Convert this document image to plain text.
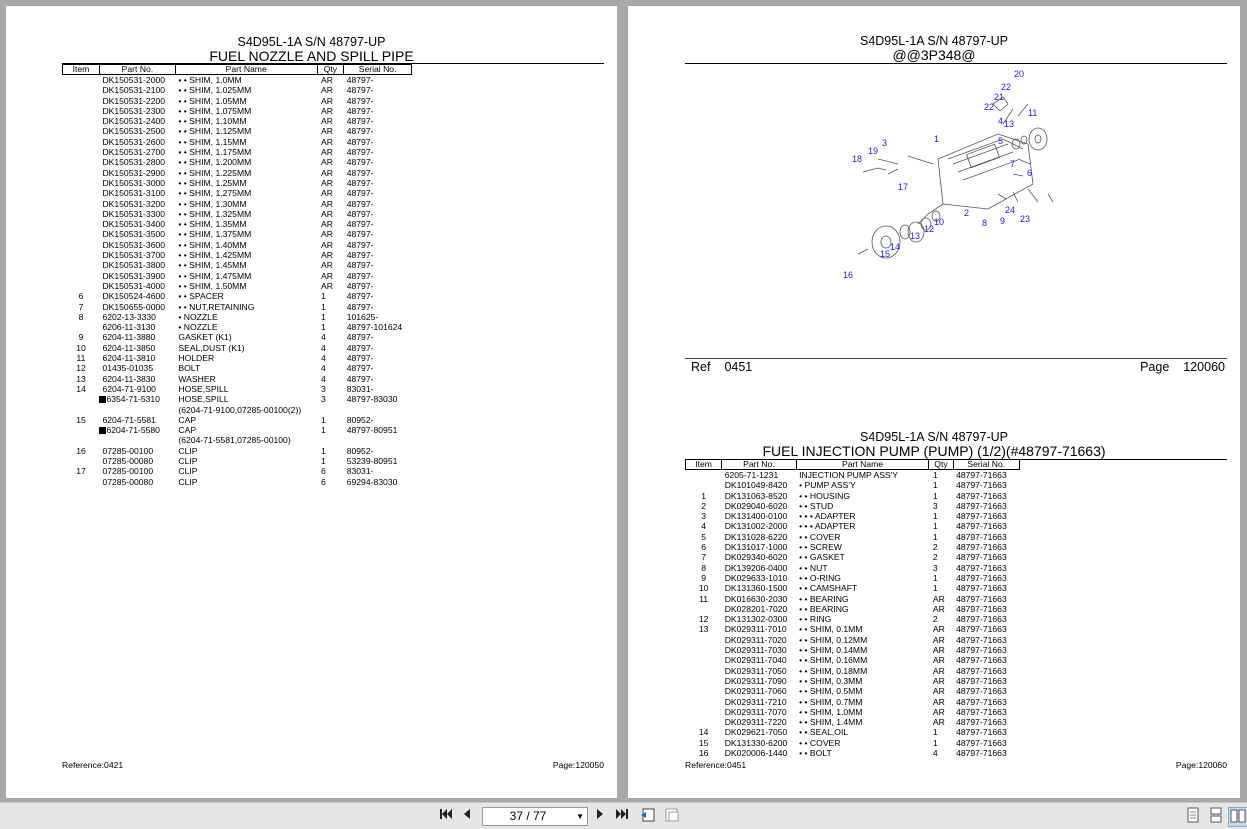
S4D95L-1A S/N 48797-UP
FUEL NOZZLE AND SPILL PIPE
Item	Part No.	Part Name	Qty	Serial No.
	DK150531-2000	• • SHIM, 1.0MM	AR	48797-
	DK150531-2100	• • SHIM, 1.025MM	AR	48797-
	DK150531-2200	• • SHIM, 1.05MM	AR	48797-
	DK150531-2300	• • SHIM, 1.075MM	AR	48797-
	DK150531-2400	• • SHIM, 1.10MM	AR	48797-
	DK150531-2500	• • SHIM, 1.125MM	AR	48797-
	DK150531-2600	• • SHIM, 1.15MM	AR	48797-
	DK150531-2700	• • SHIM, 1.175MM	AR	48797-
	DK150531-2800	• • SHIM, 1.200MM	AR	48797-
	DK150531-2900	• • SHIM, 1.225MM	AR	48797-
	DK150531-3000	• • SHIM, 1.25MM	AR	48797-
	DK150531-3100	• • SHIM, 1.275MM	AR	48797-
	DK150531-3200	• • SHIM, 1.30MM	AR	48797-
	DK150531-3300	• • SHIM, 1.325MM	AR	48797-
	DK150531-3400	• • SHIM, 1.35MM	AR	48797-
	DK150531-3500	• • SHIM, 1.375MM	AR	48797-
	DK150531-3600	• • SHIM, 1.40MM	AR	48797-
	DK150531-3700	• • SHIM, 1.425MM	AR	48797-
	DK150531-3800	• • SHIM, 1.45MM	AR	48797-
	DK150531-3900	• • SHIM, 1.475MM	AR	48797-
	DK150531-4000	• • SHIM, 1.50MM	AR	48797-
6	DK150524-4600	• • SPACER	1	48797-
7	DK150655-0000	• • NUT,RETAINING	1	48797-
8	6202-13-3330	• NOZZLE	1	101625-
	6206-11-3130	• NOZZLE	1	48797-101624
9	6204-11-3880	GASKET (K1)	4	48797-
10	6204-11-3850	SEAL,DUST (K1)	4	48797-
11	6204-11-3810	HOLDER	4	48797-
12	01435-01035	BOLT	4	48797-
13	6204-11-3830	WASHER	4	48797-
14	6204-71-9100	HOSE,SPILL	3	83031-
	6354-71-5310	HOSE,SPILL	3	48797-83030
		(6204-71-9100,07285-00100(2))		
15	6204-71-5581	CAP	1	80952-
	6204-71-5580	CAP	1	48797-80951
		(6204-71-5581,07285-00100)		
16	07285-00100	CLIP	1	80952-
	07285-00080	CLIP	1	53239-80951
17	07285-00100	CLIP	6	83031-
	07285-00080	CLIP	6	69294-83030
Reference:0421	Page:120050
S4D95L-1A S/N 48797-UP
@@3P348@
1
2
3
4
5
6
7
8 9
10
11
12
13
14
15
16
17
18
19
20
21
22
22
23
24
13
Ref 0451	Page 120060
S4D95L-1A S/N 48797-UP
FUEL INJECTION PUMP (PUMP) (1/2)(#48797-71663)
Item	Part No.	Part Name	Qty	Serial No.
	6205-71-1231	INJECTION PUMP ASS'Y	1	48797-71663
	DK101049-8420	• PUMP ASS'Y	1	48797-71663
1	DK131063-8520	• • HOUSING	1	48797-71663
2	DK029040-6020	• • STUD	3	48797-71663
3	DK131400-0100	• • • ADAPTER	1	48797-71663
4	DK131002-2000	• • • ADAPTER	1	48797-71663
5	DK131028-6220	• • COVER	1	48797-71663
6	DK131017-1000	• • SCREW	2	48797-71663
7	DK029340-6020	• • GASKET	2	48797-71663
8	DK139206-0400	• • NUT	3	48797-71663
9	DK029633-1010	• • O-RING	1	48797-71663
10	DK131360-1500	• • CAMSHAFT	1	48797-71663
11	DK016630-2030	• • BEARING	AR	48797-71663
	DK028201-7020	• • BEARING	AR	48797-71663
12	DK131302-0300	• • RING	2	48797-71663
13	DK029311-7010	• • SHIM, 0.1MM	AR	48797-71663
	DK029311-7020	• • SHIM, 0.12MM	AR	48797-71663
	DK029311-7030	• • SHIM, 0.14MM	AR	48797-71663
	DK029311-7040	• • SHIM, 0.16MM	AR	48797-71663
	DK029311-7050	• • SHIM, 0.18MM	AR	48797-71663
	DK029311-7090	• • SHIM, 0.3MM	AR	48797-71663
	DK029311-7060	• • SHIM, 0.5MM	AR	48797-71663
	DK029311-7210	• • SHIM, 0.7MM	AR	48797-71663
	DK029311-7070	• • SHIM, 1.0MM	AR	48797-71663
	DK029311-7220	• • SHIM, 1.4MM	AR	48797-71663
14	DK029621-7050	• • SEAL,OIL	1	48797-71663
15	DK131330-6200	• • COVER	1	48797-71663
16	DK020006-1440	• • BOLT	4	48797-71663
Reference:0451	Page:120060
37 / 77	▼
